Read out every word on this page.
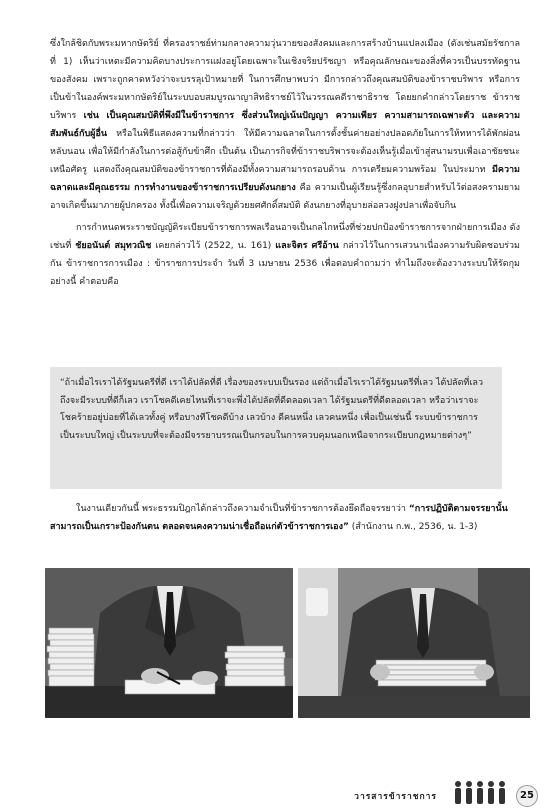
ซึ่งใกล้ชิดกับพระมหากษัตริย์ ที่ครองราชย์ท่ามกลางความวุ่นวายของสังคมและการสร้างบ้านแปลงเมือง (ดังเช่นสมัยรัชกาลที่ 1) เห็นว่าเหตะมีความคิดบางประการแฝงอยู่โดยเฉพาะในเชิงจริยปรัชญา หรือคุณลักษณะของสิ่งที่ควรเป็นบรรทัดฐานของสังคม เพราะถูกคาดหวังว่าจะบรรลุเป้าหมายที่ ในการศึกษาพบว่า มีการกล่าวถึงคุณสมบัติของข้าราชบริพาร หรือการเป็นข้าในองค์พระมหากษัตริย์ในระบบอบสมบูรณาญาสิทธิราชย์ไว้ในวรรณคดีราชาธิราช โดยยกคำกล่าวโดยราช ข้าราชบริพาร เช่น เป็นคุณสมบัติที่พึงมีในข้าราชการ ซึ่งส่วนใหญ่เน้นปัญญา ความเพียร ความสามารถเฉพาะตัว และความสัมพันธ์กับผู้อื่น หรือในพิธีแสดงความที่กล่าวว่า ให้มีความฉลาดในการตั้งชั้นค่ายอย่างปลอดภัยในการให้ทหารได้พักผ่อนหลับนอน เพื่อให้มีกำลังในการต่อสู้กับข้าศึก เป็นต้น เป็นภารกิจที่ข้าราชบริพารจะต้องเห็นรู้เมื่อเข้าสู่สนามรบเพื่อเอาชัยชนะเหนือศัตรู แสดงถึงคุณสมบัติของข้าราชการที่ต้องมีทั้งความสามารถรอบด้าน การเตรียมความพร้อม ในประมาท มีความฉลาดและมีคุณธรรม การทำงานของข้าราชการเปรียบดังนกยาง คือ ความเป็นผู้เรียนรู้ซึ่งกลอุบายสำหรับไว้ต่อสงครามยามอาจเกิดขึ้นมาภายผู้ปกครอง ทั้งนี้เพื่อความเจริญด้วยยศศักดิ์สมบัติ ดังนกยางที่อุบายล่อลวงฝูงปลาเพื่อจับกิน

การกำหนดพระราชบัญญัติระเบียบข้าราชการพลเรือนอาจเป็นกลไกหนึ่งที่ช่วยปกป้องข้าราชการจากฝ่ายการเมือง ดังเช่นที่ ชัยอนันต์ สมุทวณิช เคยกล่าวไว้ (2522, น. 161) และจิตร ศรีอ้าน กล่าวไว้ในการเสวนาเนื่องความรับผิดชอบร่วมกัน ข้าราชการการเมือง : ข้าราชการประจำ วันที่ 3 เมษายน 2536 เพื่อตอบคำถามว่า ทำไมถึงจะต้องวางระบบให้รัดกุมอย่างนี้ คำตอบคือ

“ถ้าเมื่อไรเราได้รัฐมนตรีที่ดี เราได้ปลัดที่ดี เรื่องของระบบเป็นรอง แต่ถ้าเมื่อไรเราได้รัฐมนตรีที่เลว ได้ปลัดที่เลว ถึงจะมีระบบที่ดีก็เลว เราโชคดีเคยไหนที่เราจะพึ่งได้ปลัดที่ดีตลอดเวลา ได้รัฐมนตรีที่ดีตลอดเวลา หรือว่าเราจะโชคร้ายอยู่บ่อยที่ได้เลวทั้งคู่ หรือบางทีโชคดีบ้าง เลวบ้าง ดีคนหนึ่ง เลวคนหนึ่ง เพื่อเป็นเช่นนี้ ระบบข้าราชการเป็นระบบใหญ่ เป็นระบบที่จะต้องมีจรรยาบรรณเป็นกรอบในการควบคุมนอกเหนือจากระเบียบกฎหมายต่างๆ”

ในงานเดียวกันนี้ พระธรรมปิฎกได้กล่าวถึงความจำเป็นที่ข้าราชการต้องยึดถือจรรยาว่า “การปฏิบัติตามจรรยานั้น สามารถเป็นเกราะป้องกันตน ตลอดจนคงความน่าเชื่อถือแก่ตัวข้าราชการเอง” (สำนักงาน ก.พ., 2536, น. 1-3)

วารสารข้าราชการ	25
